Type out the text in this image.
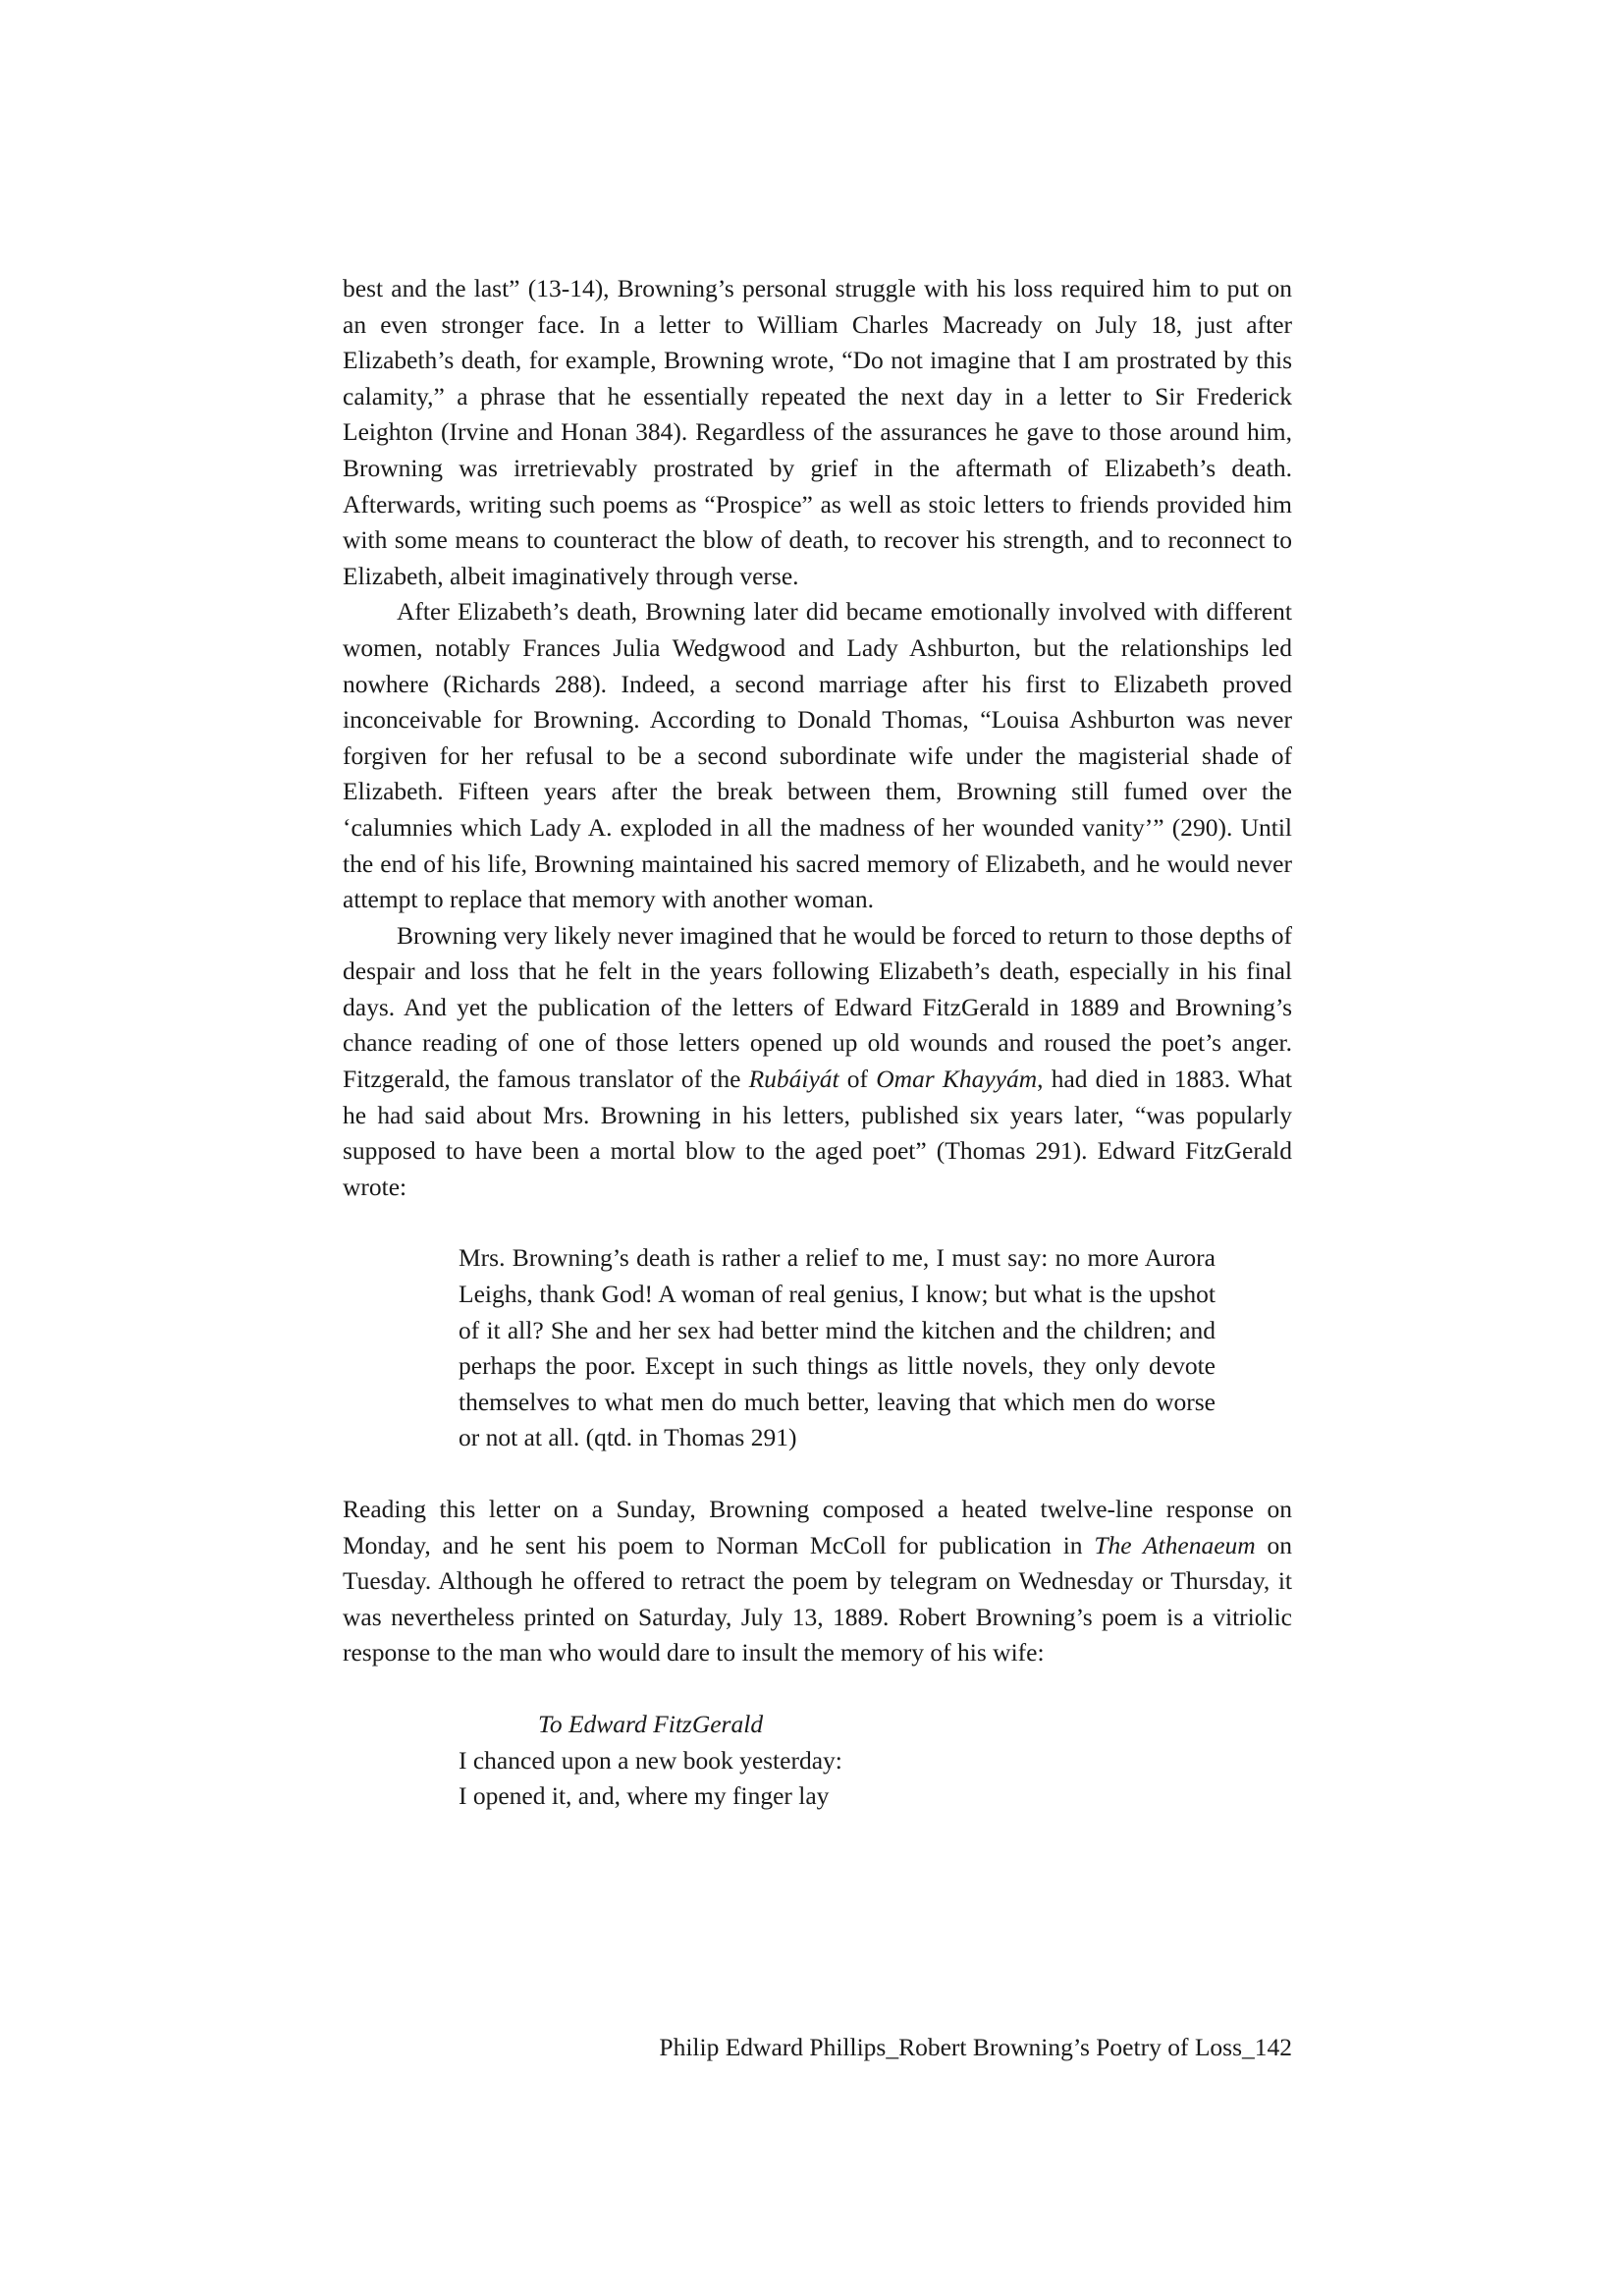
best and the last” (13-14), Browning’s personal struggle with his loss required him to put on an even stronger face. In a letter to William Charles Macready on July 18, just after Elizabeth’s death, for example, Browning wrote, “Do not imagine that I am prostrated by this calamity,” a phrase that he essentially repeated the next day in a letter to Sir Frederick Leighton (Irvine and Honan 384). Regardless of the assurances he gave to those around him, Browning was irretrievably prostrated by grief in the aftermath of Elizabeth’s death. Afterwards, writing such poems as “Prospice” as well as stoic letters to friends provided him with some means to counteract the blow of death, to recover his strength, and to reconnect to Elizabeth, albeit imaginatively through verse.

After Elizabeth’s death, Browning later did became emotionally involved with different women, notably Frances Julia Wedgwood and Lady Ashburton, but the relationships led nowhere (Richards 288). Indeed, a second marriage after his first to Elizabeth proved inconceivable for Browning. According to Donald Thomas, “Louisa Ashburton was never forgiven for her refusal to be a second subordinate wife under the magisterial shade of Elizabeth. Fifteen years after the break between them, Browning still fumed over the ‘calumnies which Lady A. exploded in all the madness of her wounded vanity’” (290). Until the end of his life, Browning maintained his sacred memory of Elizabeth, and he would never attempt to replace that memory with another woman.

Browning very likely never imagined that he would be forced to return to those depths of despair and loss that he felt in the years following Elizabeth’s death, especially in his final days. And yet the publication of the letters of Edward FitzGerald in 1889 and Browning’s chance reading of one of those letters opened up old wounds and roused the poet’s anger. Fitzgerald, the famous translator of the Rubáiyát of Omar Khayyám, had died in 1883. What he had said about Mrs. Browning in his letters, published six years later, “was popularly supposed to have been a mortal blow to the aged poet” (Thomas 291). Edward FitzGerald wrote:

Mrs. Browning’s death is rather a relief to me, I must say: no more Aurora Leighs, thank God! A woman of real genius, I know; but what is the upshot of it all? She and her sex had better mind the kitchen and the children; and perhaps the poor. Except in such things as little novels, they only devote themselves to what men do much better, leaving that which men do worse or not at all. (qtd. in Thomas 291)

Reading this letter on a Sunday, Browning composed a heated twelve-line response on Monday, and he sent his poem to Norman McColl for publication in The Athenaeum on Tuesday. Although he offered to retract the poem by telegram on Wednesday or Thursday, it was nevertheless printed on Saturday, July 13, 1889. Robert Browning’s poem is a vitriolic response to the man who would dare to insult the memory of his wife:

To Edward FitzGerald

I chanced upon a new book yesterday:

I opened it, and, where my finger lay

Philip Edward Phillips_Robert Browning’s Poetry of Loss_142
